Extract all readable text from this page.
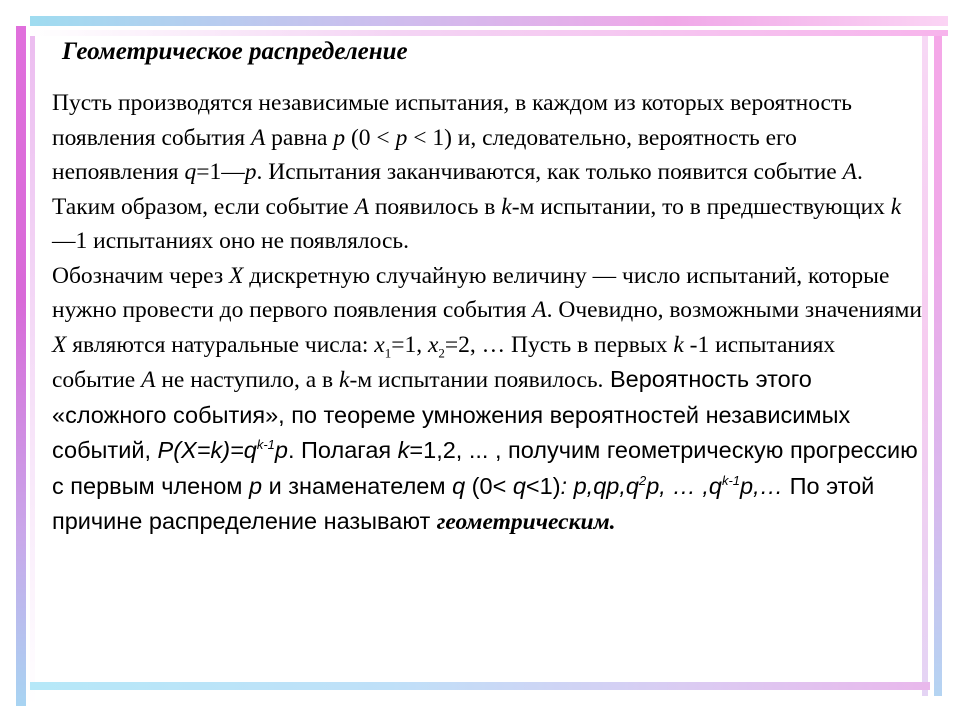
Геометрическое распределение

Пусть производятся независимые испытания, в каждом из которых вероятность появления события А равна p (0 < p < 1) и, следовательно, вероятность его непоявления q=1—p. Испытания заканчиваются, как только появится событие А. Таким образом, если событие А появилось в k-м испытании, то в предшествующих k —1 испытаниях оно не появлялось.

Обозначим через X дискретную случайную величину — число испытаний, которые нужно провести до первого появления события А. Очевидно, возможными значениями X являются натуральные числа: $x_1=1$, $x_2=2$, … Пусть в первых k -1 испытаниях событие А не наступило, а в k-м испытании появилось. Вероятность этого «сложного события», по теореме умножения вероятностей независимых событий, $P(X=k)=q^{k-1}p$. Полагая k=1,2, ... , получим геометрическую прогрессию с первым членом p и знаменателем q (0< q<1): $p,qp,q^2p$, … $,q^{k-1}p,\dots$ По этой причине распределение называют геометрическим.
